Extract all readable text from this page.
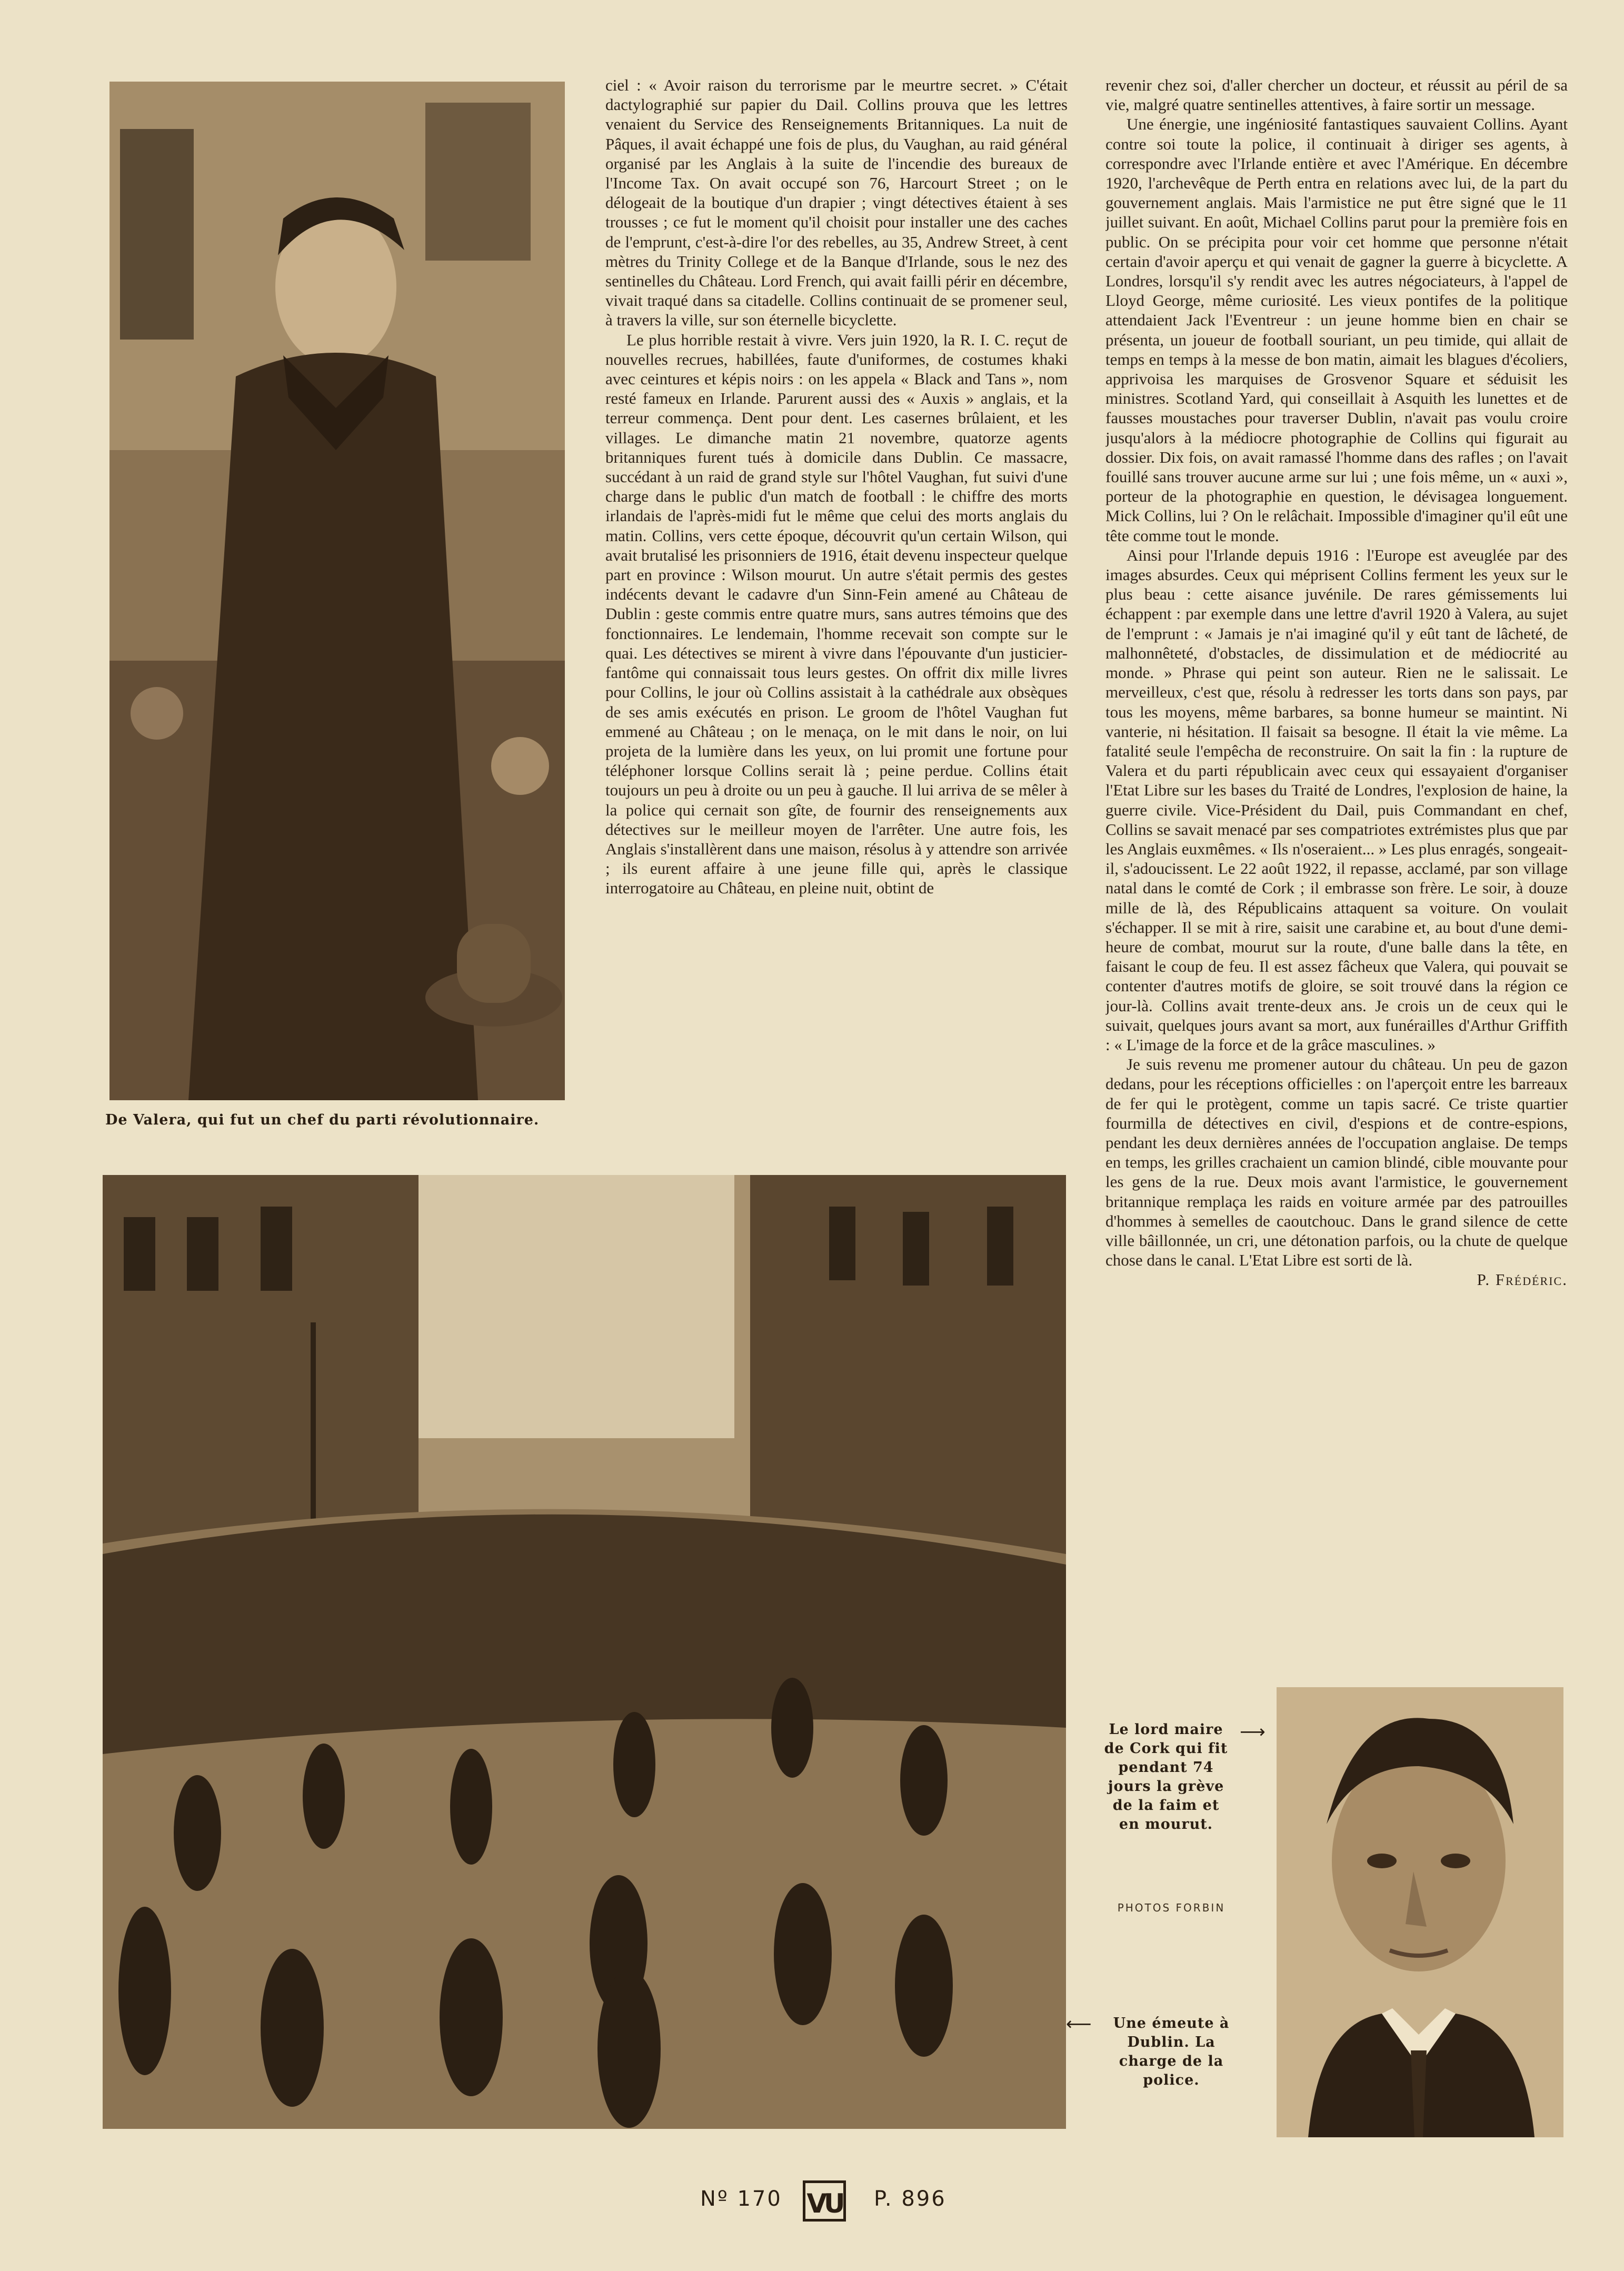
De Valera, qui fut un chef du parti révolutionnaire.

ciel : « Avoir raison du terrorisme par le meurtre secret. » C'était dactylographié sur papier du Dail. Collins prouva que les lettres venaient du Service des Renseignements Britanniques. La nuit de Pâques, il avait échappé une fois de plus, du Vaughan, au raid général organisé par les Anglais à la suite de l'incendie des bureaux de l'Income Tax. On avait occupé son 76, Harcourt Street ; on le délogeait de la boutique d'un drapier ; vingt détectives étaient à ses trousses ; ce fut le moment qu'il choisit pour installer une des caches de l'emprunt, c'est-à-dire l'or des rebelles, au 35, Andrew Street, à cent mètres du Trinity College et de la Banque d'Irlande, sous le nez des sentinelles du Château. Lord French, qui avait failli périr en décembre, vivait traqué dans sa citadelle. Collins continuait de se promener seul, à travers la ville, sur son éternelle bicyclette.

Le plus horrible restait à vivre. Vers juin 1920, la R. I. C. reçut de nouvelles recrues, habillées, faute d'uniformes, de costumes khaki avec ceintures et képis noirs : on les appela « Black and Tans », nom resté fameux en Irlande. Parurent aussi des « Auxis » anglais, et la terreur commença. Dent pour dent. Les casernes brûlaient, et les villages. Le dimanche matin 21 novembre, quatorze agents britanniques furent tués à domicile dans Dublin. Ce massacre, succédant à un raid de grand style sur l'hôtel Vaughan, fut suivi d'une charge dans le public d'un match de football : le chiffre des morts irlandais de l'après-midi fut le même que celui des morts anglais du matin. Collins, vers cette époque, découvrit qu'un certain Wilson, qui avait brutalisé les prisonniers de 1916, était devenu inspecteur quelque part en province : Wilson mourut. Un autre s'était permis des gestes indécents devant le cadavre d'un Sinn-Fein amené au Château de Dublin : geste commis entre quatre murs, sans autres témoins que des fonctionnaires. Le lendemain, l'homme recevait son compte sur le quai. Les détectives se mirent à vivre dans l'épouvante d'un justicier-fantôme qui connaissait tous leurs gestes. On offrit dix mille livres pour Collins, le jour où Collins assistait à la cathédrale aux obsèques de ses amis exécutés en prison. Le groom de l'hôtel Vaughan fut emmené au Château ; on le menaça, on le mit dans le noir, on lui projeta de la lumière dans les yeux, on lui promit une fortune pour téléphoner lorsque Collins serait là ; peine perdue. Collins était toujours un peu à droite ou un peu à gauche. Il lui arriva de se mêler à la police qui cernait son gîte, de fournir des renseignements aux détectives sur le meilleur moyen de l'arrêter. Une autre fois, les Anglais s'installèrent dans une maison, résolus à y attendre son arrivée ; ils eurent affaire à une jeune fille qui, après le classique interrogatoire au Château, en pleine nuit, obtint de

revenir chez soi, d'aller chercher un docteur, et réussit au péril de sa vie, malgré quatre sentinelles attentives, à faire sortir un message.

Une énergie, une ingéniosité fantastiques sauvaient Collins. Ayant contre soi toute la police, il continuait à diriger ses agents, à correspondre avec l'Irlande entière et avec l'Amérique. En décembre 1920, l'archevêque de Perth entra en relations avec lui, de la part du gouvernement anglais. Mais l'armistice ne put être signé que le 11 juillet suivant. En août, Michael Collins parut pour la première fois en public. On se précipita pour voir cet homme que personne n'était certain d'avoir aperçu et qui venait de gagner la guerre à bicyclette. A Londres, lorsqu'il s'y rendit avec les autres négociateurs, à l'appel de Lloyd George, même curiosité. Les vieux pontifes de la politique attendaient Jack l'Eventreur : un jeune homme bien en chair se présenta, un joueur de football souriant, un peu timide, qui allait de temps en temps à la messe de bon matin, aimait les blagues d'écoliers, apprivoisa les marquises de Grosvenor Square et séduisit les ministres. Scotland Yard, qui conseillait à Asquith les lunettes et de fausses moustaches pour traverser Dublin, n'avait pas voulu croire jusqu'alors à la médiocre photographie de Collins qui figurait au dossier. Dix fois, on avait ramassé l'homme dans des rafles ; on l'avait fouillé sans trouver aucune arme sur lui ; une fois même, un « auxi », porteur de la photographie en question, le dévisagea longuement. Mick Collins, lui ? On le relâchait. Impossible d'imaginer qu'il eût une tête comme tout le monde.

Ainsi pour l'Irlande depuis 1916 : l'Europe est aveuglée par des images absurdes. Ceux qui méprisent Collins ferment les yeux sur le plus beau : cette aisance juvénile. De rares gémissements lui échappent : par exemple dans une lettre d'avril 1920 à Valera, au sujet de l'emprunt : « Jamais je n'ai imaginé qu'il y eût tant de lâcheté, de malhonnêteté, d'obstacles, de dissimulation et de médiocrité au monde. » Phrase qui peint son auteur. Rien ne le salissait. Le merveilleux, c'est que, résolu à redresser les torts dans son pays, par tous les moyens, même barbares, sa bonne humeur se maintint. Ni vanterie, ni hésitation. Il faisait sa besogne. Il était la vie même. La fatalité seule l'empêcha de reconstruire. On sait la fin : la rupture de Valera et du parti républicain avec ceux qui essayaient d'organiser l'Etat Libre sur les bases du Traité de Londres, l'explosion de haine, la guerre civile. Vice-Président du Dail, puis Commandant en chef, Collins se savait menacé par ses compatriotes extrémistes plus que par les Anglais euxmêmes. « Ils n'oseraient... » Les plus enragés, songeait-il, s'adoucissent. Le 22 août 1922, il repasse, acclamé, par son village natal dans le comté de Cork ; il embrasse son frère. Le soir, à douze mille de là, des Républicains attaquent sa voiture. On voulait s'échapper. Il se mit à rire, saisit une carabine et, au bout d'une demi-heure de combat, mourut sur la route, d'une balle dans la tête, en faisant le coup de feu. Il est assez fâcheux que Valera, qui pouvait se contenter d'autres motifs de gloire, se soit trouvé dans la région ce jour-là. Collins avait trente-deux ans. Je crois un de ceux qui le suivait, quelques jours avant sa mort, aux funérailles d'Arthur Griffith : « L'image de la force et de la grâce masculines. »

Je suis revenu me promener autour du château. Un peu de gazon dedans, pour les réceptions officielles : on l'aperçoit entre les barreaux de fer qui le protègent, comme un tapis sacré. Ce triste quartier fourmilla de détectives en civil, d'espions et de contre-espions, pendant les deux dernières années de l'occupation anglaise. De temps en temps, les grilles crachaient un camion blindé, cible mouvante pour les gens de la rue. Deux mois avant l'armistice, le gouvernement britannique remplaça les raids en voiture armée par des patrouilles d'hommes à semelles de caoutchouc. Dans le grand silence de cette ville bâillonnée, un cri, une détonation parfois, ou la chute de quelque chose dans le canal. L'Etat Libre est sorti de là.

P. Frédéric.

Le lord maire de Cork qui fit pendant 74 jours la grève de la faim et en mourut.
⟶
PHOTOS FORBIN
⟵	Une émeute à Dublin. La charge de la police.
Nº 170 VU P. 896
